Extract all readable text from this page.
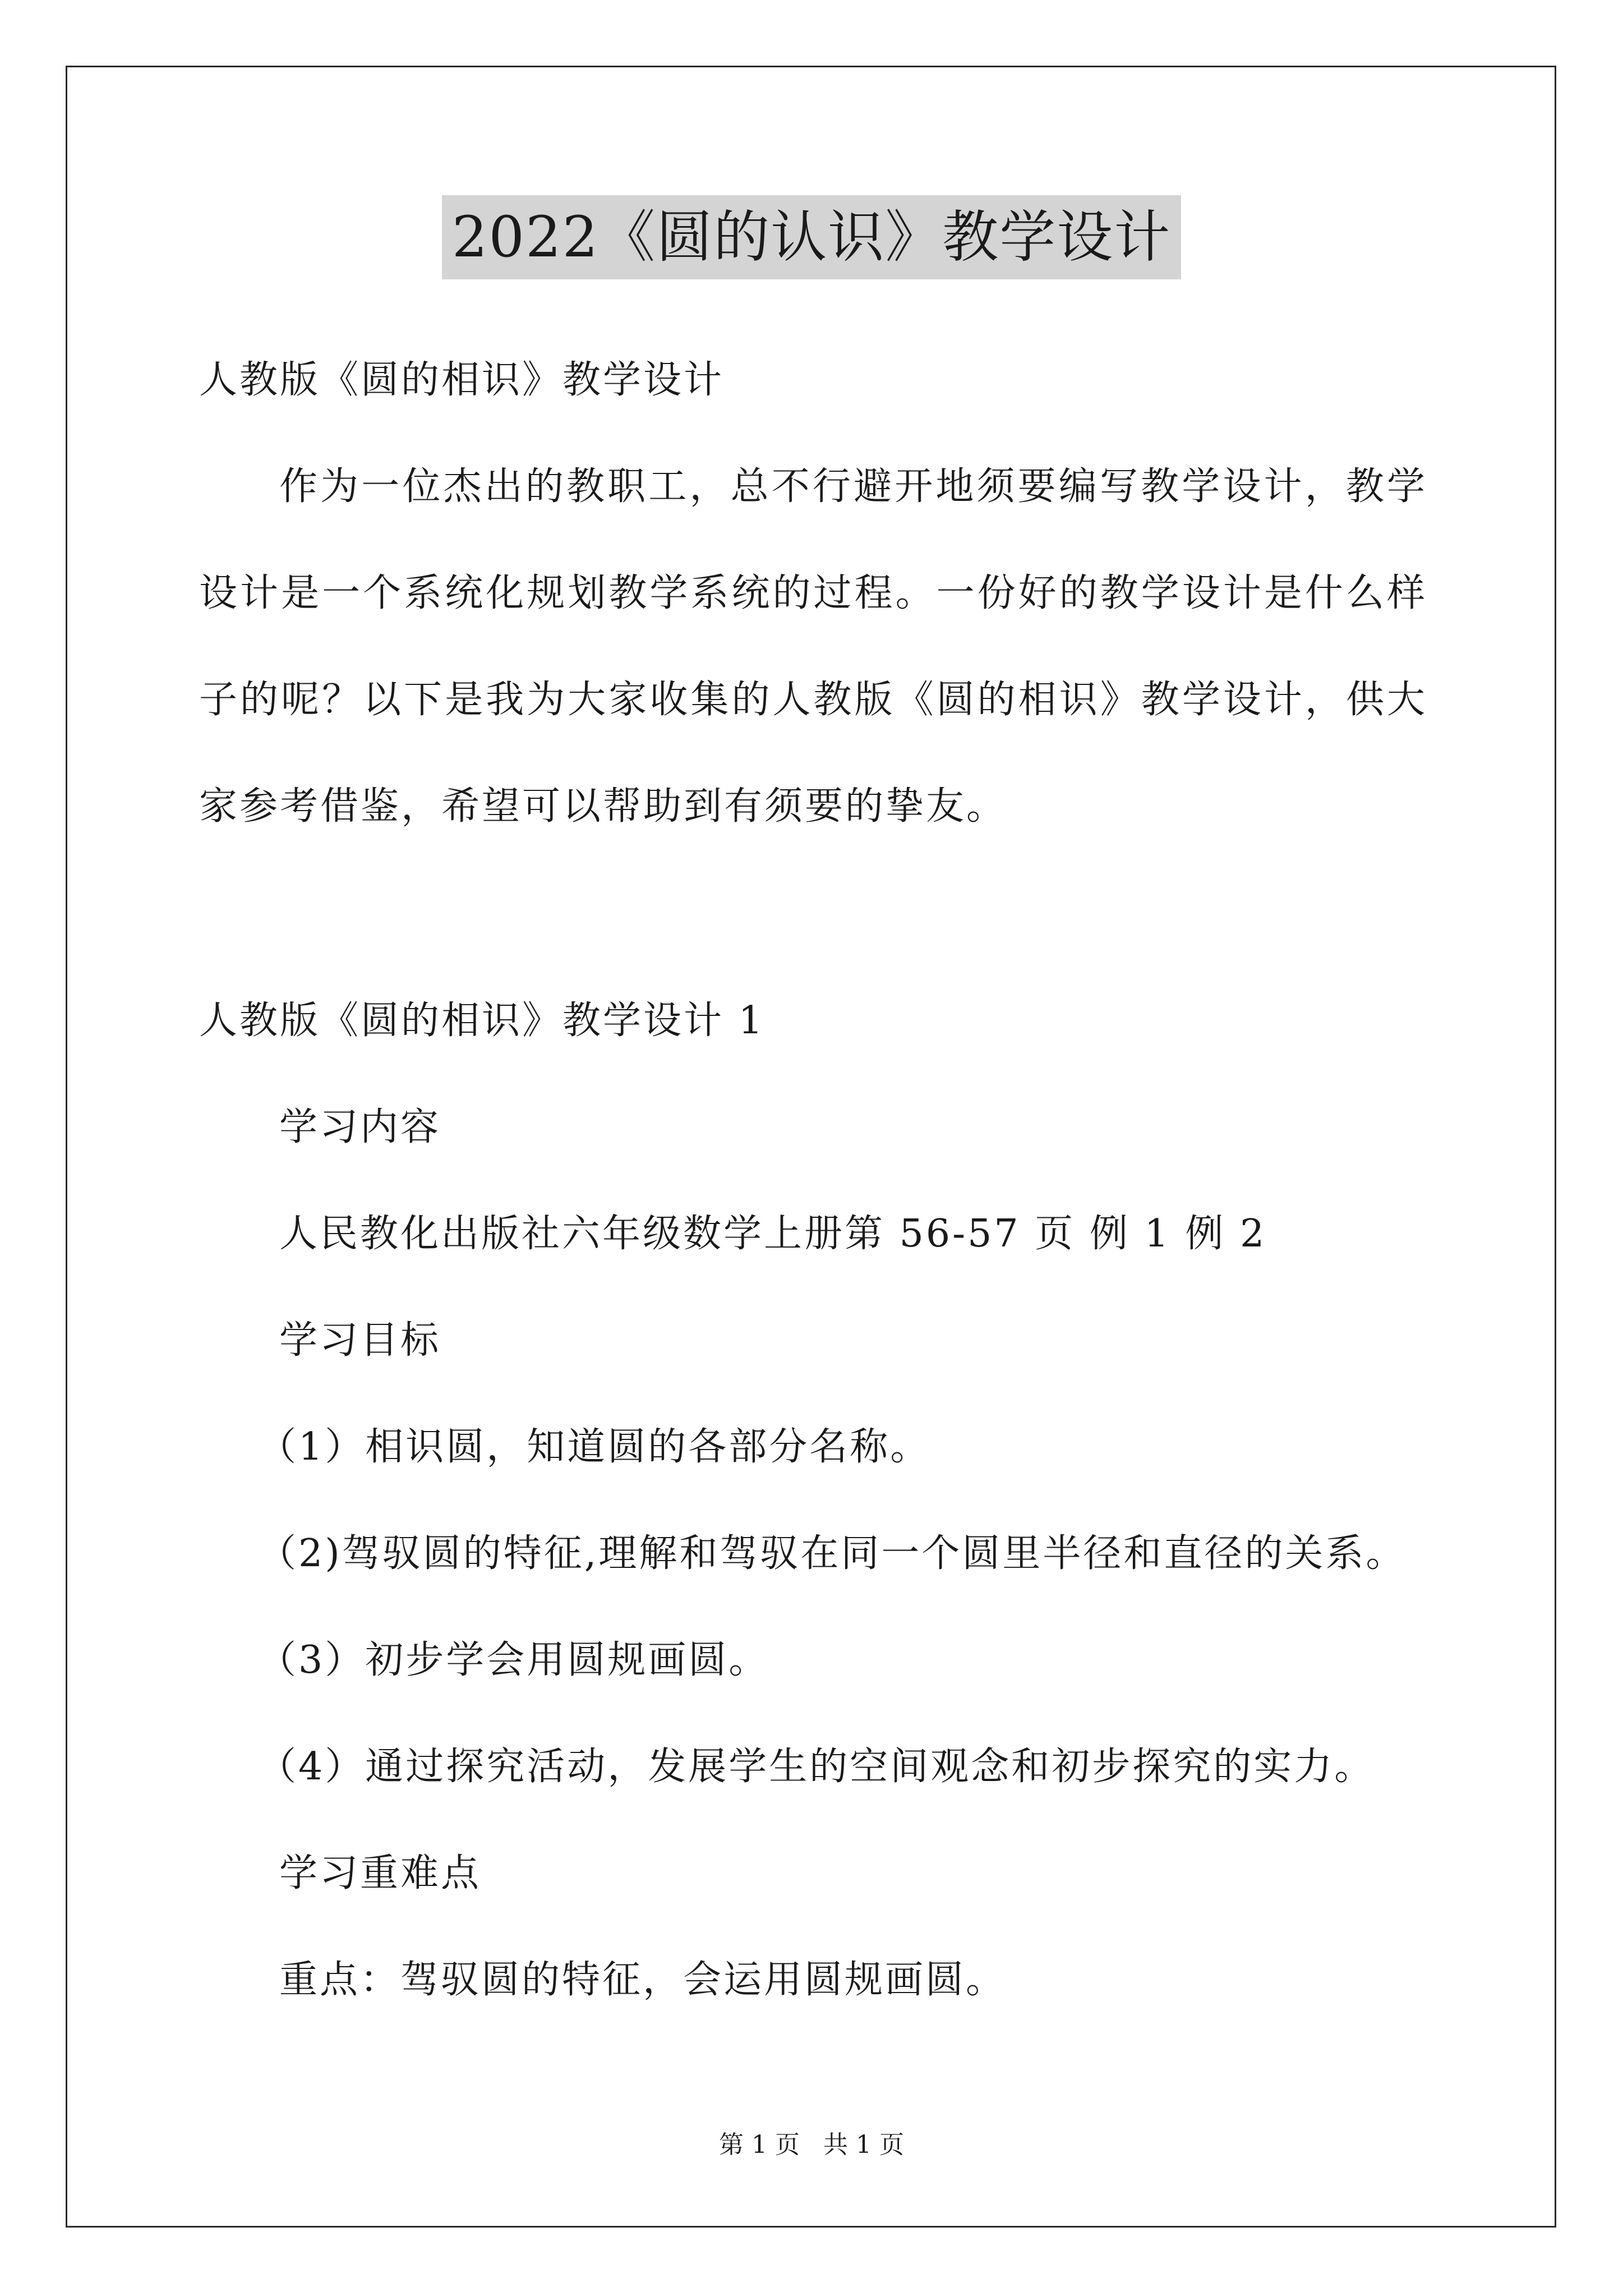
2022《圆的认识》教学设计
人教版《圆的相识》教学设计
作为一位杰出的教职工，总不行避开地须要编写教学设计，教学
设计是一个系统化规划教学系统的过程。一份好的教学设计是什么样
子的呢？以下是我为大家收集的人教版《圆的相识》教学设计，供大
家参考借鉴，希望可以帮助到有须要的挚友。
人教版《圆的相识》教学设计 1
学习内容
人民教化出版社六年级数学上册第 56-57 页 例 1 例 2
学习目标
（1）相识圆，知道圆的各部分名称。
（2)驾驭圆的特征,理解和驾驭在同一个圆里半径和直径的关系。
（3）初步学会用圆规画圆。
（4）通过探究活动，发展学生的空间观念和初步探究的实力。
学习重难点
重点：驾驭圆的特征，会运用圆规画圆。
第 1 页 共 1 页
